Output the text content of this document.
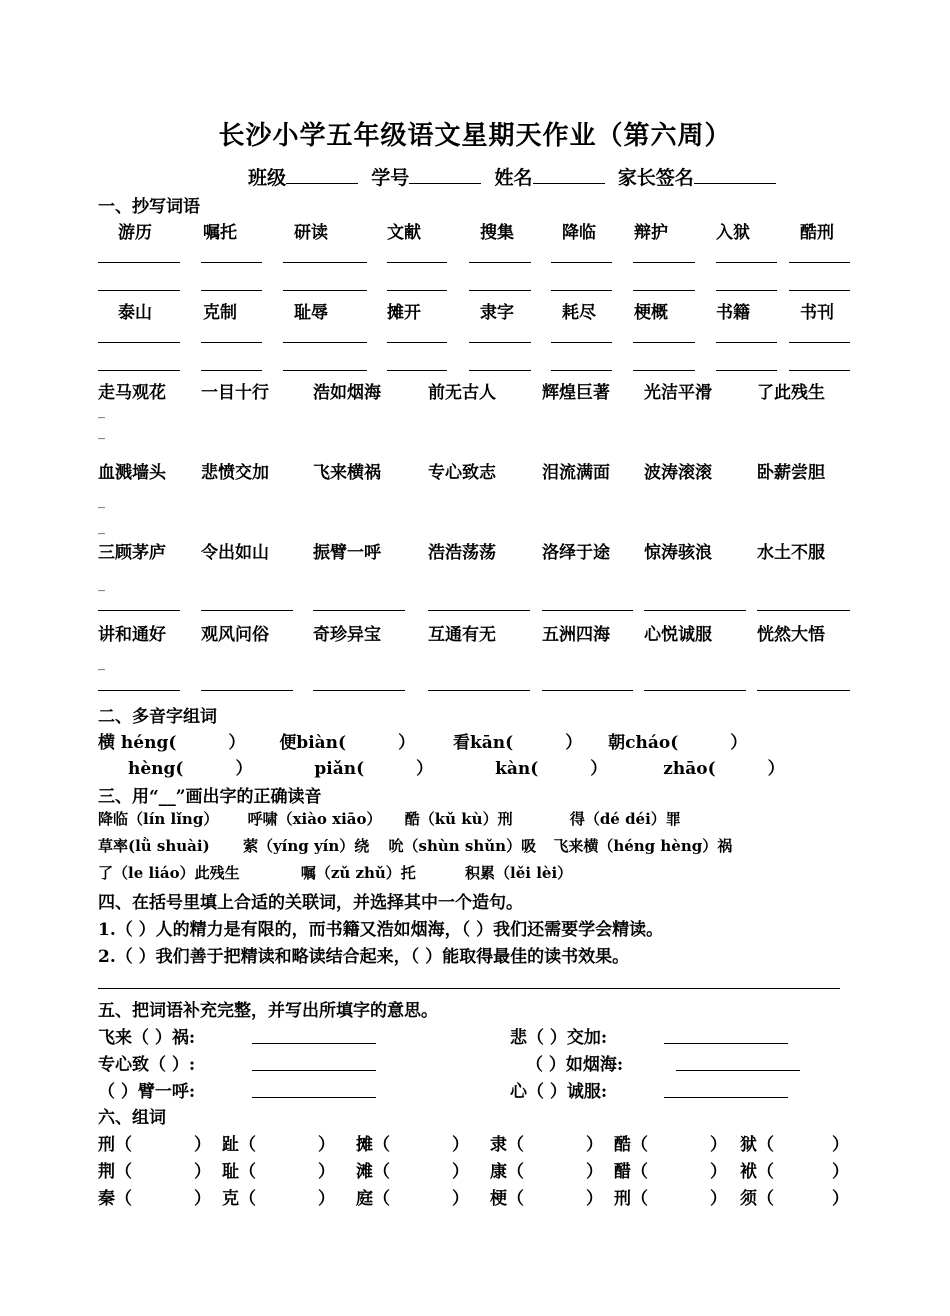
长沙小学五年级语文星期天作业（第六周）
班级	学号	姓名	家长签名
一、抄写词语
游历	嘱托	研读	文献	搜集	降临 辩护	入狱	酷刑
泰山	克制	耻辱	摊开	隶字	耗尽 梗概	书籍	书刊
走马观花 一目十行	浩如烟海	前无古人	辉煌巨著 光洁平滑	了此残生
血溅墙头 悲愤交加	飞来横祸	专心致志	泪流满面 波涛滚滚	卧薪尝胆
三顾茅庐 令出如山	振臂一呼	浩浩荡荡	洛绎于途 惊涛骇浪	水土不服
讲和通好 观风问俗	奇珍异宝	互通有无	五洲四海 心悦诚服	恍然大悟
_
_
_
_
_
_
二、多音字组词
横 héng(	） 便biàn(	） 看kān(	） 朝cháo(	）
hèng(	）	piǎn(	）	kàn(	）	zhāo(	）
三、用“__”画出字的正确读音
降临（lín lǐng） 呼啸（xiào xiāo） 酷（kǔ kù）刑	得（dé déi）罪
草率(lǜ shuài) 萦（yíng yín）绕 吮（shùn shǔn）吸 飞来横（héng hèng）祸
了（le liáo）此残生	嘱（zǔ zhǔ）托	积累（lěi lèi）
四、在括号里填上合适的关联词，并选择其中一个造句。
1.（ ）人的精力是有限的，而书籍又浩如烟海，（ ）我们还需要学会精读。
2.（ ）我们善于把精读和略读结合起来，（ ）能取得最佳的读书效果。
五、把词语补充完整，并写出所填字的意思。
飞来（ ）祸:	悲（ ）交加:
专心致（ ）:	（ ）如烟海:
（ ）臂一呼:	心（ ）诚服:
六、组词
刑（	） 趾（	） 摊（	） 隶（	） 酷（	） 狱（	）
荆（	） 耻（	） 滩（	） 康（	） 醋（	） 袱（	）
秦（	） 克（	） 庭（	） 梗（	） 刑（	） 须（	）
